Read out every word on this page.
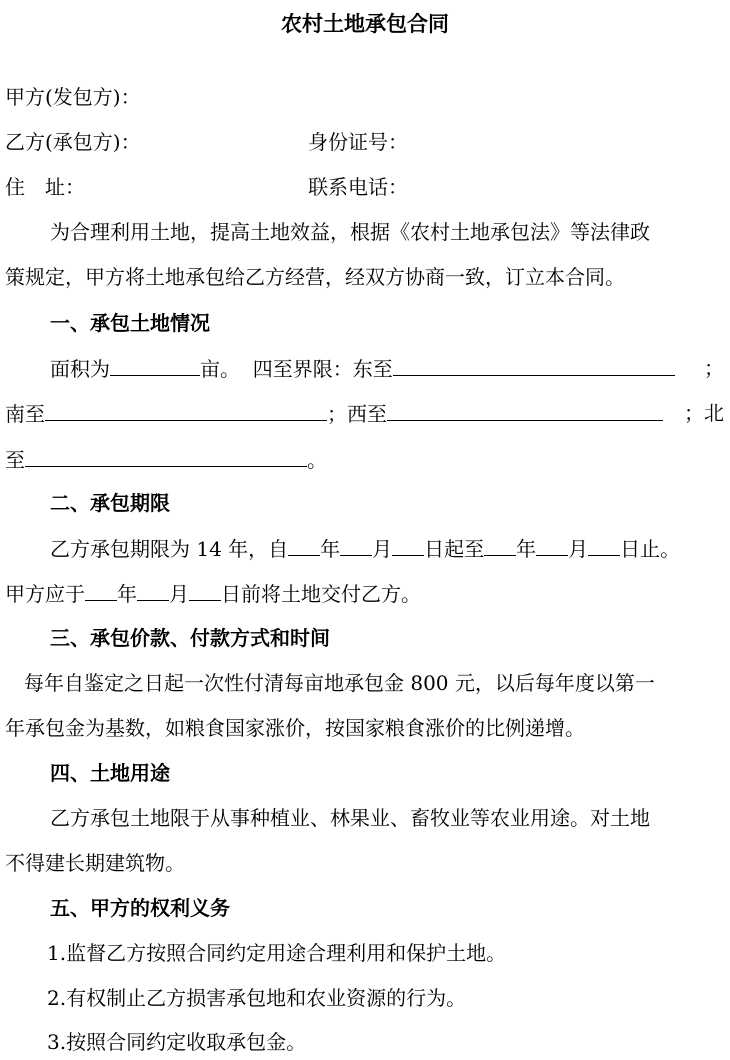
农村土地承包合同
甲方(发包方)：
乙方(承包方)：	身份证号：
住　址：	联系电话：
为合理利用土地，提高土地效益，根据《农村土地承包法》等法律政
策规定，甲方将土地承包给乙方经营，经双方协商一致，订立本合同。
一、承包土地情况
面积为	亩。 四至界限：东至	；
南至	；西至	；北
至	。
二、承包期限
乙方承包期限为 14 年，自 年 月 日起至 年 月 日止。
甲方应于 年 月 日前将土地交付乙方。
三、承包价款、付款方式和时间
每年自鉴定之日起一次性付清每亩地承包金 800 元，以后每年度以第一
年承包金为基数，如粮食国家涨价，按国家粮食涨价的比例递增。
四、土地用途
乙方承包土地限于从事种植业、林果业、畜牧业等农业用途。对土地
不得建长期建筑物。
五、甲方的权利义务
1.监督乙方按照合同约定用途合理利用和保护土地。
2.有权制止乙方损害承包地和农业资源的行为。
3.按照合同约定收取承包金。
